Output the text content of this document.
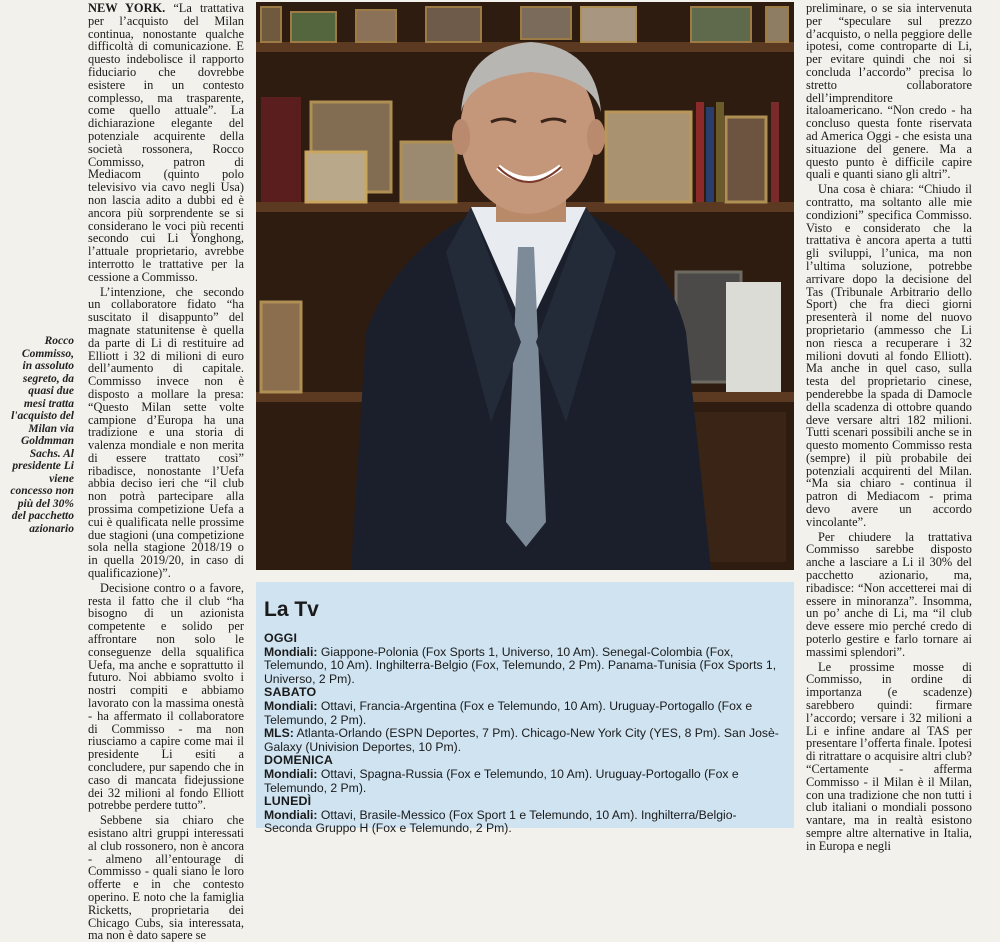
Rocco Commisso, in assoluto segreto, da quasi due mesi tratta l'acquisto del Milan via Goldmman Sachs. Al presidente Li viene concesso non più del 30% del pacchetto azionario

NEW YORK. “La trattativa per l’acquisto del Milan continua, nonostante qualche difficoltà di comunicazione. E questo indebolisce il rapporto fiduciario che dovrebbe esistere in un contesto complesso, ma trasparente, come quello attuale”. La dichiarazione elegante del potenziale acquirente della società rossonera, Rocco Commisso, patron di Mediacom (quinto polo televisivo via cavo negli Usa) non lascia adito a dubbi ed è ancora più sorprendente se si considerano le voci più recenti secondo cui Li Yonghong, l’attuale proprietario, avrebbe interrotto le trattative per la cessione a Commisso.

L’intenzione, che secondo un collaboratore fidato “ha suscitato il disappunto” del magnate statunitense è quella da parte di Li di restituire ad Elliott i 32 di milioni di euro dell’aumento di capitale. Commisso invece non è disposto a mollare la presa: “Questo Milan sette volte campione d’Europa ha una tradizione e una storia di valenza mondiale e non merita di essere trattato così” ribadisce, nonostante l’Uefa abbia deciso ieri che “il club non potrà partecipare alla prossima competizione Uefa a cui è qualificata nelle prossime due stagioni (una competizione sola nella stagione 2018/19 o in quella 2019/20, in caso di qualificazione)”.

Decisione contro o a favore, resta il fatto che il club “ha bisogno di un azionista competente e solido per affrontare non solo le conseguenze della squalifica Uefa, ma anche e soprattutto il futuro. Noi abbiamo svolto i nostri compiti e abbiamo lavorato con la massima onestà - ha affermato il collaboratore di Commisso - ma non riusciamo a capire come mai il presidente Li esiti a concludere, pur sapendo che in caso di mancata fidejussione dei 32 milioni al fondo Elliott potrebbe perdere tutto”.

Sebbene sia chiaro che esistano altri gruppi interessati al club rossonero, non è ancora - almeno all’entourage di Commisso - quali siano le loro offerte e in che contesto operino. E noto che la famiglia Ricketts, proprietaria dei Chicago Cubs, sia interessata, ma non è dato sapere se

La Tv
OGGI

Mondiali: Giappone-Polonia (Fox Sports 1, Universo, 10 Am). Senegal-Colombia (Fox, Telemundo, 10 Am). Inghilterra-Belgio (Fox, Telemundo, 2 Pm). Panama-Tunisia (Fox Sports 1, Universo, 2 Pm).

SABATO

Mondiali: Ottavi, Francia-Argentina (Fox e Telemundo, 10 Am). Uruguay-Portogallo (Fox e Telemundo, 2 Pm).

MLS: Atlanta-Orlando (ESPN Deportes, 7 Pm). Chicago-New York City (YES, 8 Pm). San Josè-Galaxy (Univision Deportes, 10 Pm).

DOMENICA

Mondiali: Ottavi, Spagna-Russia (Fox e Telemundo, 10 Am). Uruguay-Portogallo (Fox e Telemundo, 2 Pm).

LUNEDÌ

Mondiali: Ottavi, Brasile-Messico (Fox Sport 1 e Telemundo, 10 Am). Inghilterra/Belgio- Seconda Gruppo H (Fox e Telemundo, 2 Pm).

preliminare, o se sia intervenuta per “speculare sul prezzo d’acquisto, o nella peggiore delle ipotesi, come controparte di Li, per evitare quindi che noi si concluda l’accordo” precisa lo stretto collaboratore dell’imprenditore italoamericano. “Non credo - ha concluso questa fonte riservata ad America Oggi - che esista una situazione del genere. Ma a questo punto è difficile capire quali e quanti siano gli altri”.

Una cosa è chiara: “Chiudo il contratto, ma soltanto alle mie condizioni” specifica Commisso. Visto e considerato che la trattativa è ancora aperta a tutti gli sviluppi, l’unica, ma non l’ultima soluzione, potrebbe arrivare dopo la decisione del Tas (Tribunale Arbitrario dello Sport) che fra dieci giorni presenterà il nome del nuovo proprietario (ammesso che Li non riesca a recuperare i 32 milioni dovuti al fondo Elliott). Ma anche in quel caso, sulla testa del proprietario cinese, penderebbe la spada di Damocle della scadenza di ottobre quando deve versare altri 182 milioni. Tutti scenari possibili anche se in questo momento Commisso resta (sempre) il più probabile dei potenziali acquirenti del Milan. “Ma sia chiaro - continua il patron di Mediacom - prima devo avere un accordo vincolante”.

Per chiudere la trattativa Commisso sarebbe disposto anche a lasciare a Li il 30% del pacchetto azionario, ma, ribadisce: “Non accetterei mai di essere in minoranza”. Insomma, un po’ anche di Li, ma “il club deve essere mio perché credo di poterlo gestire e farlo tornare ai massimi splendori”.

Le prossime mosse di Commisso, in ordine di importanza (e scadenze) sarebbero quindi: firmare l’accordo; versare i 32 milioni a Li e infine andare al TAS per presentare l’offerta finale. Ipotesi di ritrattare o acquisire altri club? “Certamente - afferma Commisso - il Milan è il Milan, con una tradizione che non tutti i club italiani o mondiali possono vantare, ma in realtà esistono sempre altre alternative in Italia, in Europa e negli
